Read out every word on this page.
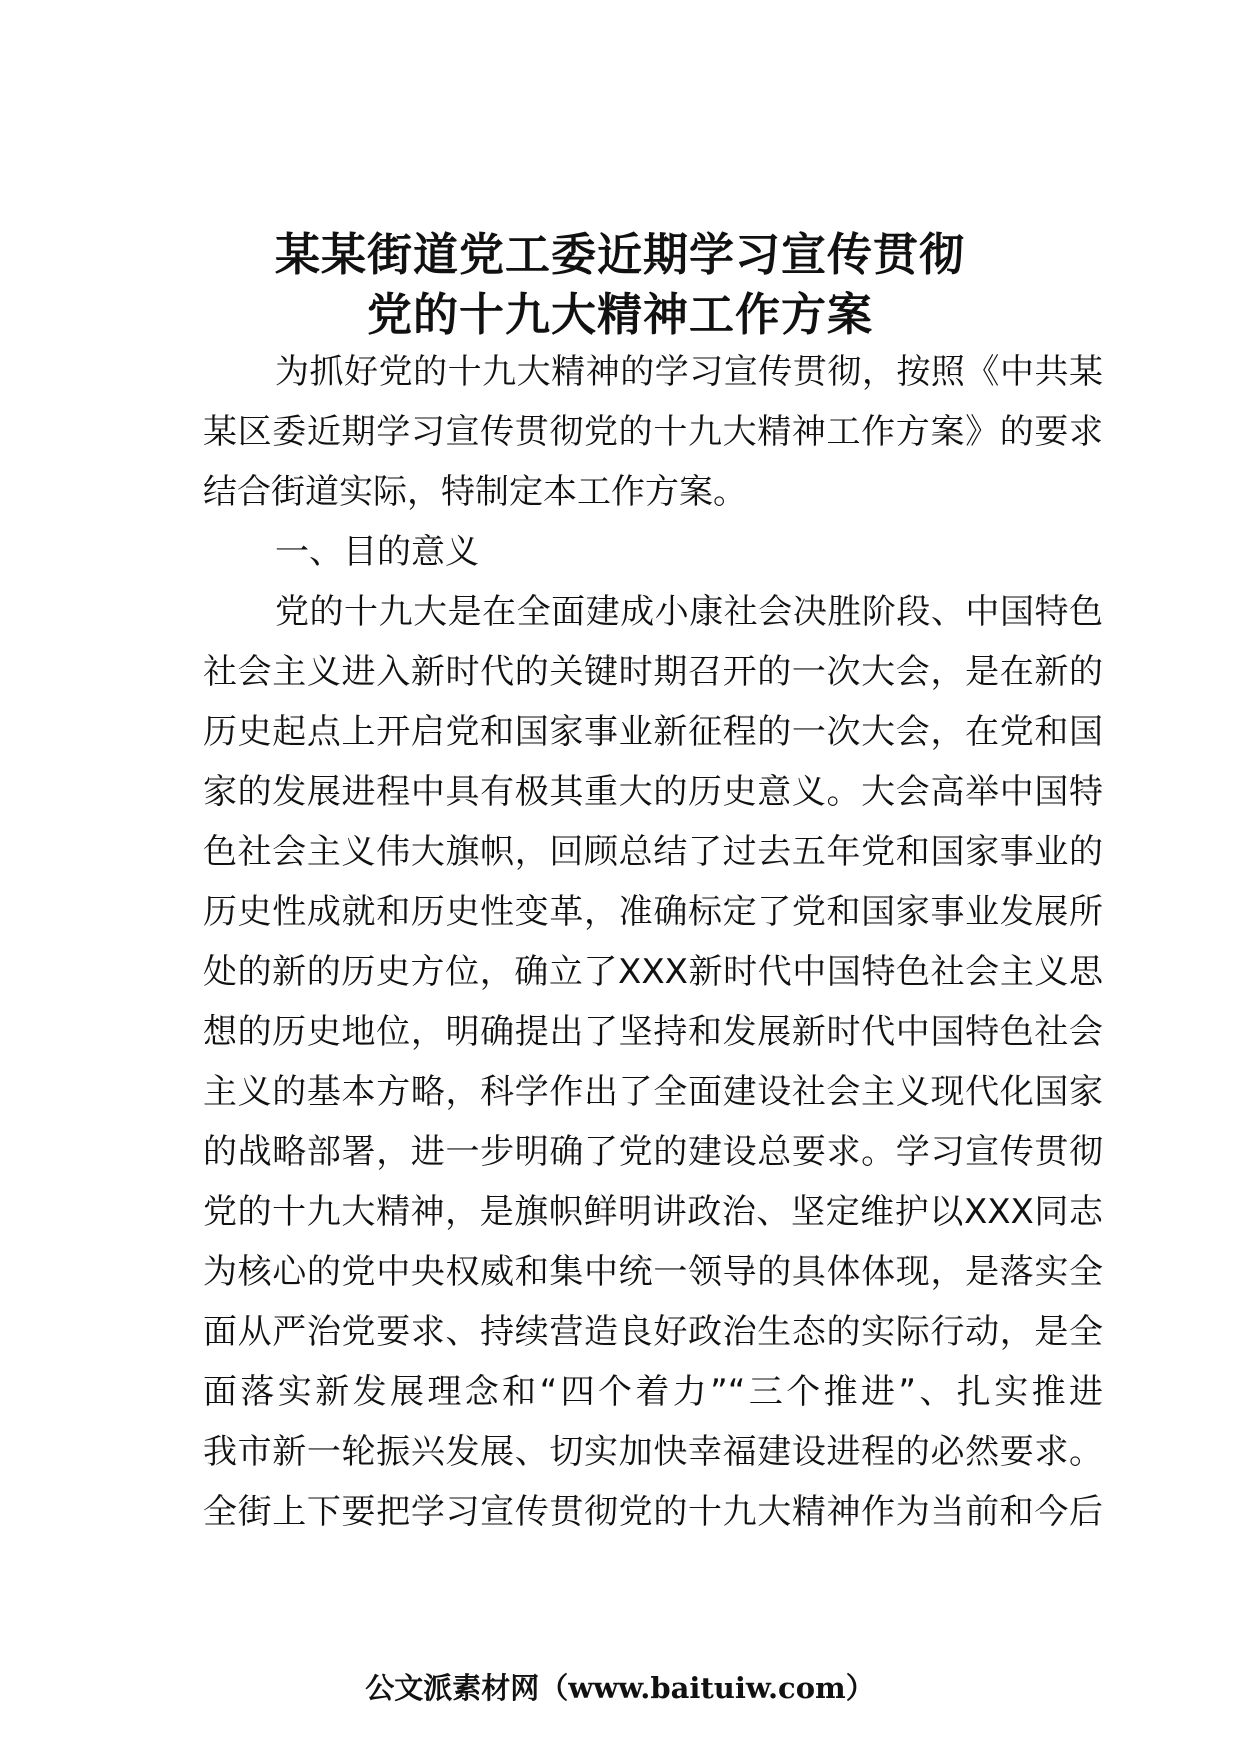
某某街道党工委近期学习宣传贯彻
党的十九大精神工作方案
为抓好党的十九大精神的学习宣传贯彻，按照《中共某
某区委近期学习宣传贯彻党的十九大精神工作方案》的要求
结合街道实际，特制定本工作方案。
一、目的意义
党的十九大是在全面建成小康社会决胜阶段、中国特色
社会主义进入新时代的关键时期召开的一次大会，是在新的
历史起点上开启党和国家事业新征程的一次大会，在党和国
家的发展进程中具有极其重大的历史意义。大会高举中国特
色社会主义伟大旗帜，回顾总结了过去五年党和国家事业的
历史性成就和历史性变革，准确标定了党和国家事业发展所
处的新的历史方位，确立了XXX新时代中国特色社会主义思
想的历史地位，明确提出了坚持和发展新时代中国特色社会
主义的基本方略，科学作出了全面建设社会主义现代化国家
的战略部署，进一步明确了党的建设总要求。学习宣传贯彻
党的十九大精神，是旗帜鲜明讲政治、坚定维护以XXX同志
为核心的党中央权威和集中统一领导的具体体现，是落实全
面从严治党要求、持续营造良好政治生态的实际行动，是全
面落实新发展理念和“四个着力”“三个推进”、扎实推进
我市新一轮振兴发展、切实加快幸福建设进程的必然要求。
全街上下要把学习宣传贯彻党的十九大精神作为当前和今后
公文派素材网（www.baituiw.com）
